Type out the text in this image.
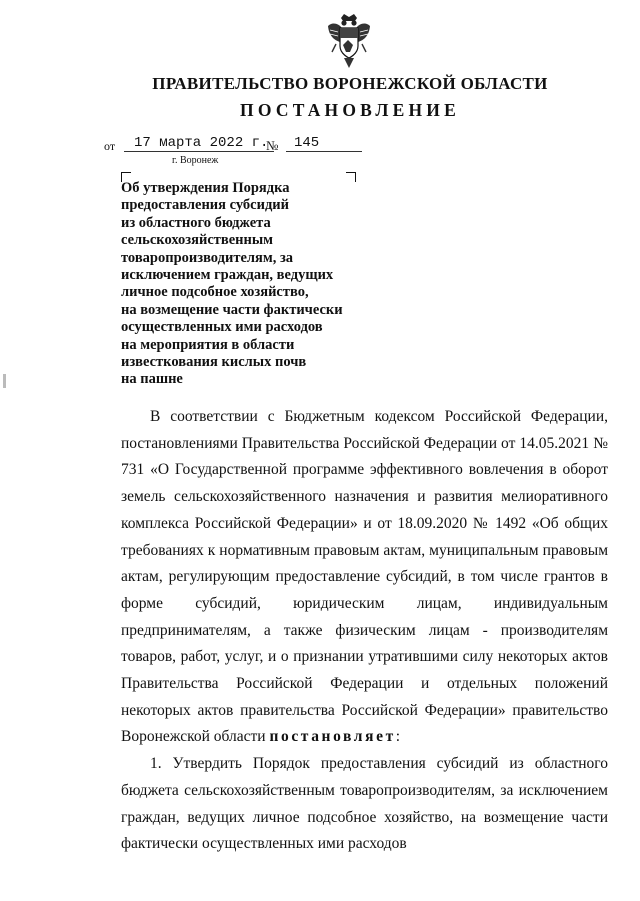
ПРАВИТЕЛЬСТВО ВОРОНЕЖСКОЙ ОБЛАСТИ
ПОСТАНОВЛЕНИЕ
от	17 марта 2022 г.
№	145
г. Воронеж
Об утверждения Порядка
предоставления субсидий
из областного бюджета
сельскохозяйственным
товаропроизводителям, за
исключением граждан, ведущих
личное подсобное хозяйство,
на возмещение части фактически
осуществленных ими расходов
на мероприятия в области
известкования кислых почв
на пашне

В соответствии с Бюджетным кодексом Российской Федерации, постановлениями Правительства Российской Федерации от 14.05.2021 № 731 «О Государственной программе эффективного вовлечения в оборот земель сельскохозяйственного назначения и развития мелиоративного комплекса Российской Федерации» и от 18.09.2020 № 1492 «Об общих требованиях к нормативным правовым актам, муниципальным правовым актам, регулирующим предоставление субсидий, в том числе грантов в форме субсидий, юридическим лицам, индивидуальным предпринимателям, а также физическим лицам - производителям товаров, работ, услуг, и о признании утратившими силу некоторых актов Правительства Российской Федерации и отдельных положений некоторых актов правительства Российской Федерации» правительство Воронежской области постановляет:

1. Утвердить Порядок предоставления субсидий из областного бюджета сельскохозяйственным товаропроизводителям, за исключением граждан, ведущих личное подсобное хозяйство, на возмещение части фактически осуществленных ими расходов
